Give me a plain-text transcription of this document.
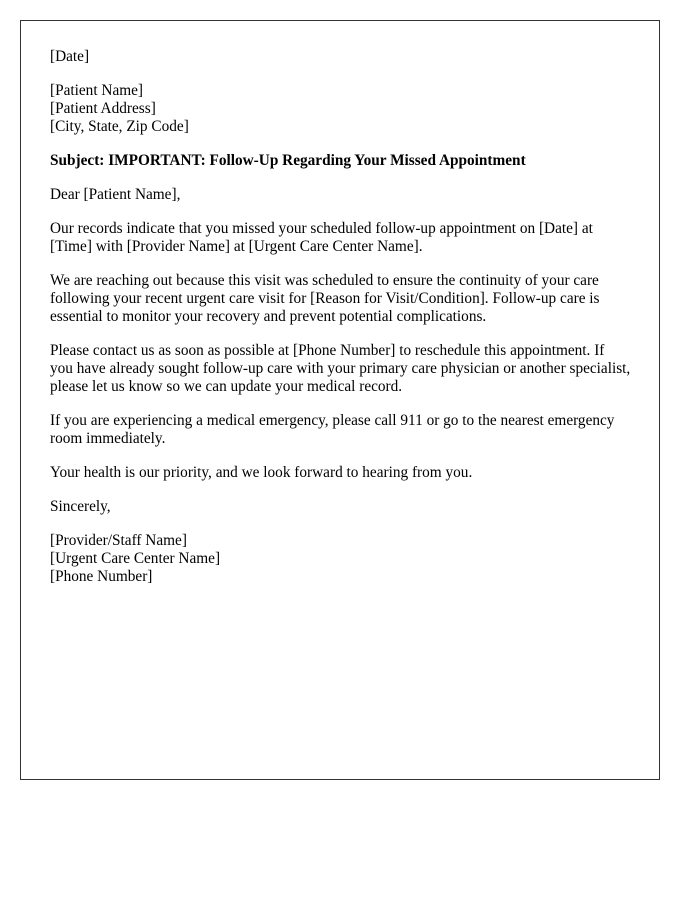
[Date]
[Patient Name]
[Patient Address]
[City, State, Zip Code]

Subject: IMPORTANT: Follow-Up Regarding Your Missed Appointment

Dear [Patient Name],

Our records indicate that you missed your scheduled follow-up appointment on [Date] at [Time] with [Provider Name] at [Urgent Care Center Name].

We are reaching out because this visit was scheduled to ensure the continuity of your care following your recent urgent care visit for [Reason for Visit/Condition]. Follow-up care is essential to monitor your recovery and prevent potential complications.

Please contact us as soon as possible at [Phone Number] to reschedule this appointment. If you have already sought follow-up care with your primary care physician or another specialist, please let us know so we can update your medical record.

If you are experiencing a medical emergency, please call 911 or go to the nearest emergency room immediately.

Your health is our priority, and we look forward to hearing from you.

Sincerely,

[Provider/Staff Name]
[Urgent Care Center Name]
[Phone Number]
